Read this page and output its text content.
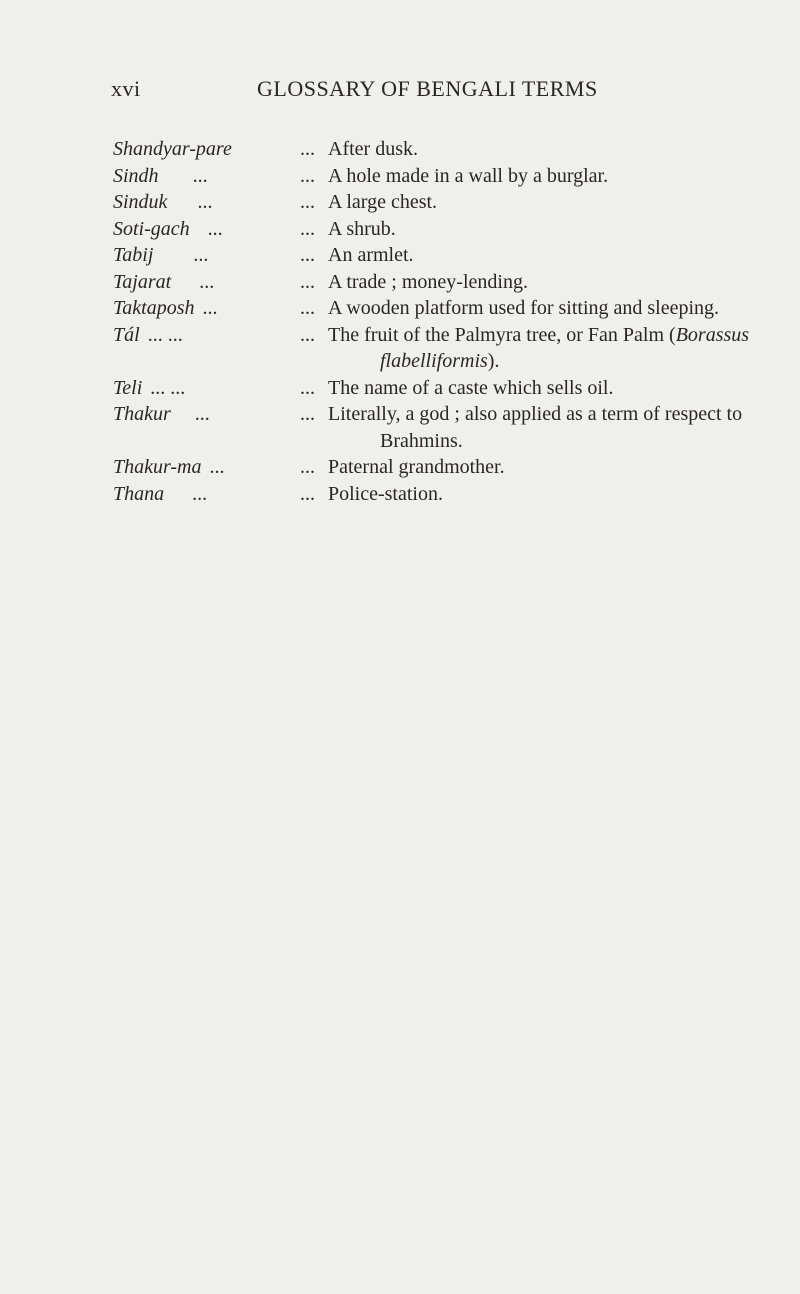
xvi	GLOSSARY OF BENGALI TERMS
Shandyar-pare	... After dusk.
Sindh ...	... A hole made in a wall by a burglar.
Sinduk ...	... A large chest.
Soti-gach ...	... A shrub.
Tabij ...	... An armlet.
Tajarat ...	... A trade ; money-lending.
Taktaposh ...	... A wooden platform used for sitting and sleeping.
Tál ... ...	... The fruit of the Palmyra tree, or Fan Palm (Borassus flabelliformis).
Teli ... ...	... The name of a caste which sells oil.
Thakur ...	... Literally, a god ; also applied as a term of respect to Brahmins.
Thakur-ma ...	... Paternal grandmother.
Thana ...	... Police-station.
